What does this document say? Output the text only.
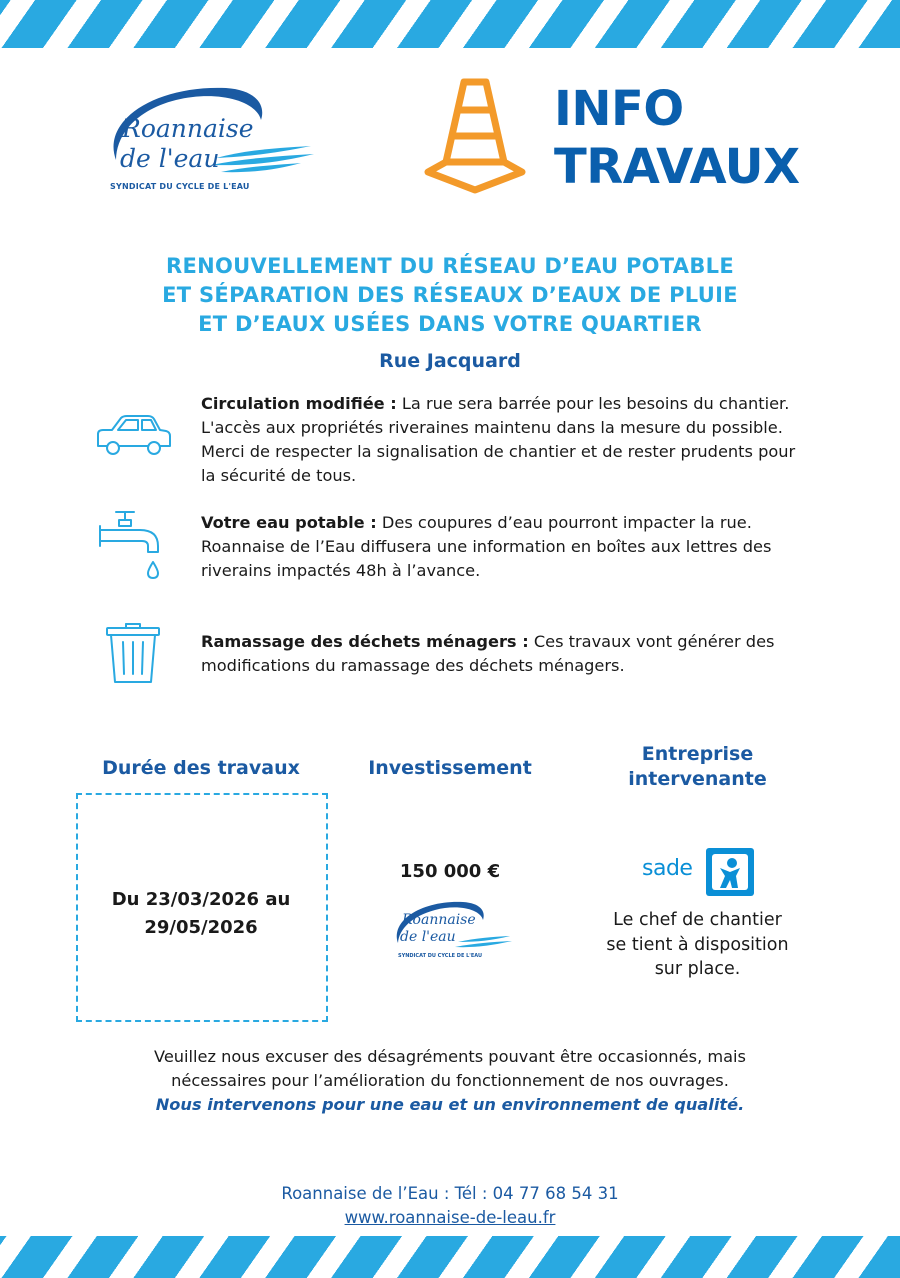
Roannaise
de l'eau
SYNDICAT DU CYCLE DE L'EAU
INFO
TRAVAUX
RENOUVELLEMENT DU RÉSEAU D’EAU POTABLE
ET SÉPARATION DES RÉSEAUX D’EAUX DE PLUIE
ET D’EAUX USÉES DANS VOTRE QUARTIER
Rue Jacquard
Circulation modifiée : La rue sera barrée pour les besoins du chantier. L'accès aux propriétés riveraines maintenu dans la mesure du possible. Merci de respecter la signalisation de chantier et de rester prudents pour la sécurité de tous.
Votre eau potable : Des coupures d’eau pourront impacter la rue. Roannaise de l’Eau diffusera une information en boîtes aux lettres des riverains impactés 48h à l’avance.
Ramassage des déchets ménagers : Ces travaux vont générer des modifications du ramassage des déchets ménagers.
Durée des travaux	Investissement
Entreprise
intervenante
Du 23/03/2026 au
29/05/2026
150 000 €
Roannaise
de l'eau
SYNDICAT DU CYCLE DE L'EAU
sade
Le chef de chantier
se tient à disposition
sur place.
Veuillez nous excuser des désagréments pouvant être occasionnés, mais
nécessaires pour l’amélioration du fonctionnement de nos ouvrages.
Nous intervenons pour une eau et un environnement de qualité.
Roannaise de l’Eau : Tél : 04 77 68 54 31
www.roannaise-de-leau.fr
